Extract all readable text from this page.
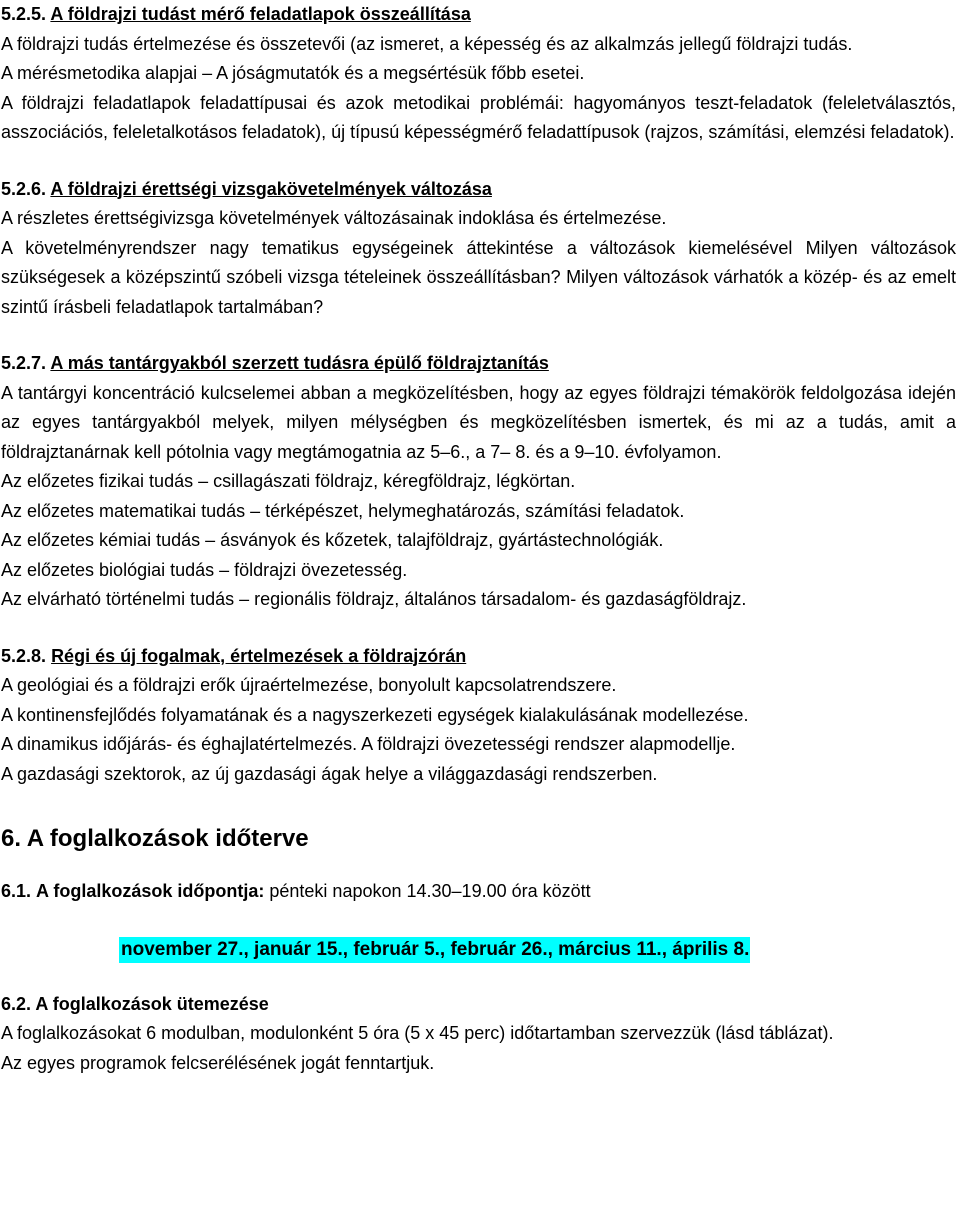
5.2.5. A földrajzi tudást mérő feladatlapok összeállítása

A földrajzi tudás értelmezése és összetevői (az ismeret, a képesség és az alkalmzás jellegű földrajzi tudás.

A mérésmetodika alapjai – A jóságmutatók és a megsértésük főbb esetei.

A földrajzi feladatlapok feladattípusai és azok metodikai problémái: hagyományos teszt-feladatok (feleletválasztós, asszociációs, feleletalkotásos feladatok), új típusú képességmérő feladattípusok (rajzos, számítási, elemzési feladatok).

5.2.6. A földrajzi érettségi vizsgakövetelmények változása

A részletes érettségivizsga követelmények változásainak indoklása és értelmezése.

A követelményrendszer nagy tematikus egységeinek áttekintése a változások kiemelésével Milyen változások szükségesek a középszintű szóbeli vizsga tételeinek összeállításban? Milyen változások várhatók a közép- és az emelt szintű írásbeli feladatlapok tartalmában?

5.2.7. A más tantárgyakból szerzett tudásra épülő földrajztanítás

A tantárgyi koncentráció kulcselemei abban a megközelítésben, hogy az egyes földrajzi témakörök feldolgozása idején az egyes tantárgyakból melyek, milyen mélységben és megközelítésben ismertek, és mi az a tudás, amit a földrajztanárnak kell pótolnia vagy megtámogatnia az 5–6., a 7– 8. és a 9–10. évfolyamon.

Az előzetes fizikai tudás – csillagászati földrajz, kéregföldrajz, légkörtan.

Az előzetes matematikai tudás – térképészet, helymeghatározás, számítási feladatok.

Az előzetes kémiai tudás – ásványok és kőzetek, talajföldrajz, gyártástechnológiák.

Az előzetes biológiai tudás – földrajzi övezetesség.

Az elvárható történelmi tudás – regionális földrajz, általános társadalom- és gazdaságföldrajz.

5.2.8. Régi és új fogalmak, értelmezések a földrajzórán

A geológiai és a földrajzi erők újraértelmezése, bonyolult kapcsolatrendszere.

A kontinensfejlődés folyamatának és a nagyszerkezeti egységek kialakulásának modellezése.

A dinamikus időjárás- és éghajlatértelmezés. A földrajzi övezetességi rendszer alapmodellje.

A gazdasági szektorok, az új gazdasági ágak helye a világgazdasági rendszerben.

6. A foglalkozások időterve

6.1. A foglalkozások időpontja: pénteki napokon 14.30–19.00 óra között

november 27., január 15., február 5., február 26., március 11., április 8.

6.2. A foglalkozások ütemezése

A foglalkozásokat 6 modulban, modulonként 5 óra (5 x 45 perc) időtartamban szervezzük (lásd táblázat).

Az egyes programok felcserélésének jogát fenntartjuk.
